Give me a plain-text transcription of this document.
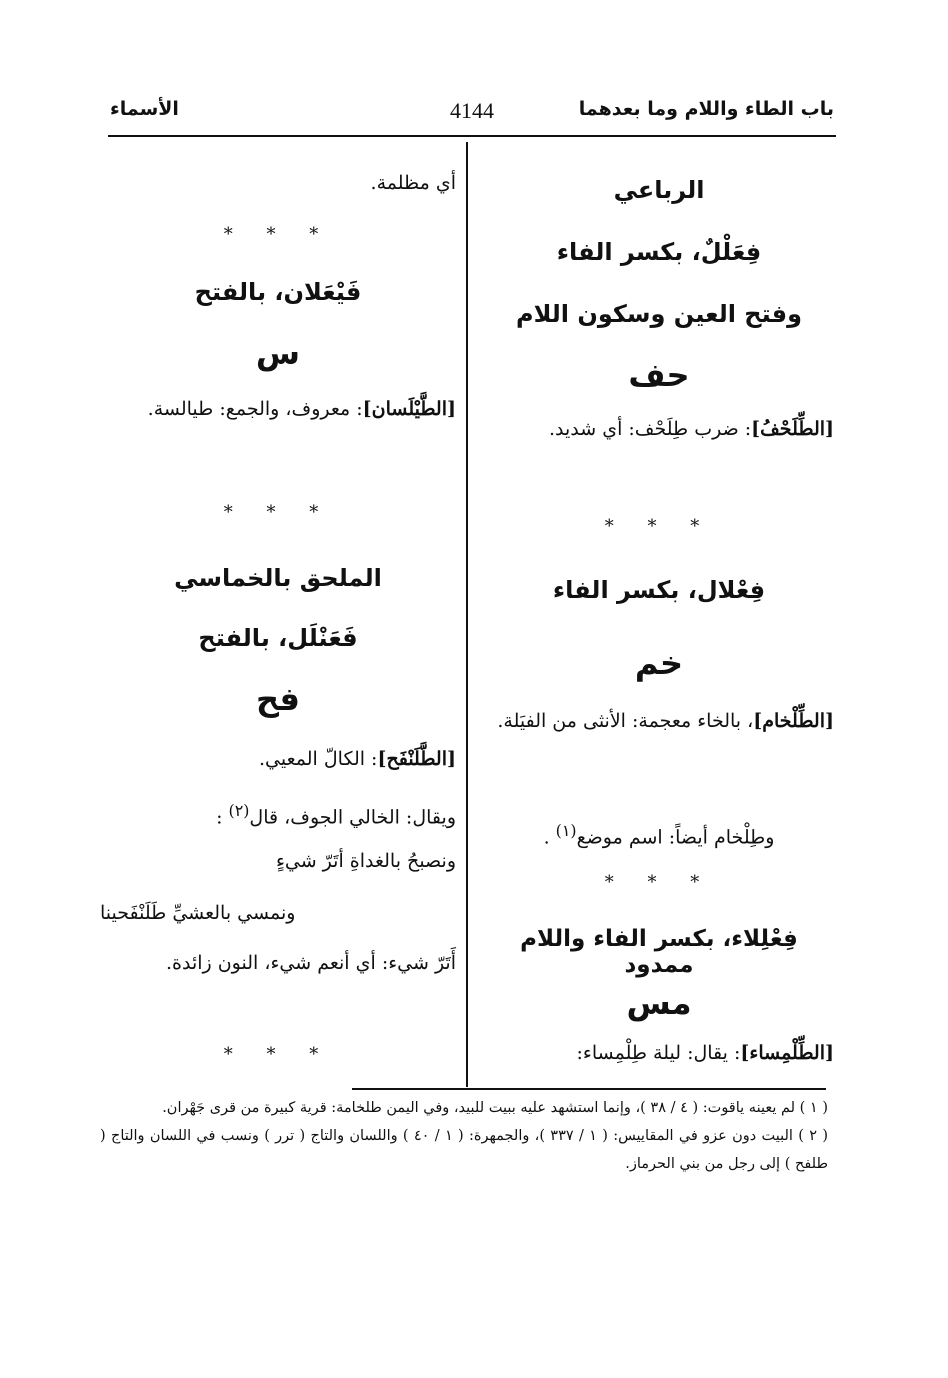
باب الطاء واللام وما بعدهما
4144
الأسماء
الرباعي
فِعَلْلٌ، بكسر الفاء
وفتح العين وسكون اللام
حف
[الطِّلَحْفُ]: ضرب طِلَحْف: أي شديد.
* * *
فِعْلال، بكسر الفاء
خم
[الطِّلْخام]، بالخاء معجمة: الأنثى من الفيَلة.
وطِلْخام أيضاً: اسم موضع$^{(١)}$ .
* * *
فِعْلِلاء، بكسر الفاء واللام ممدود
مس
[الطِّلْمِساء]: يقال: ليلة طِلْمِساء:
أي مظلمة.
* * *
فَيْعَلان، بالفتح
س
[الطَّيْلَسان]: معروف، والجمع: طيالسة.
* * *
الملحق بالخماسي
فَعَنْلَل، بالفتح
فح
[الطَّلَنْفَح]: الكالّ المعيي.
ويقال: الخالي الجوف، قال$^{(٢)}$ :
ونصبحُ بالغداةِ أتَرّ شيءٍ
ونمسي بالعشيِّ طَلَنْفَحينا
أَتَرّ شيء: أي أنعم شيء، النون زائدة.
* * *
( ١ ) لم يعينه ياقوت: ( ٤ / ٣٨ )، وإنما استشهد عليه ببيت للبيد، وفي اليمن طلخامة: قرية كبيرة من قرى جَهْران.
( ٢ ) البيت دون عزو في المقاييس: ( ١ / ٣٣٧ )، والجمهرة: ( ١ / ٤٠ ) واللسان والتاج ( ترر ) ونسب في اللسان والتاج ( طلفح ) إلى رجل من بني الحرماز.
